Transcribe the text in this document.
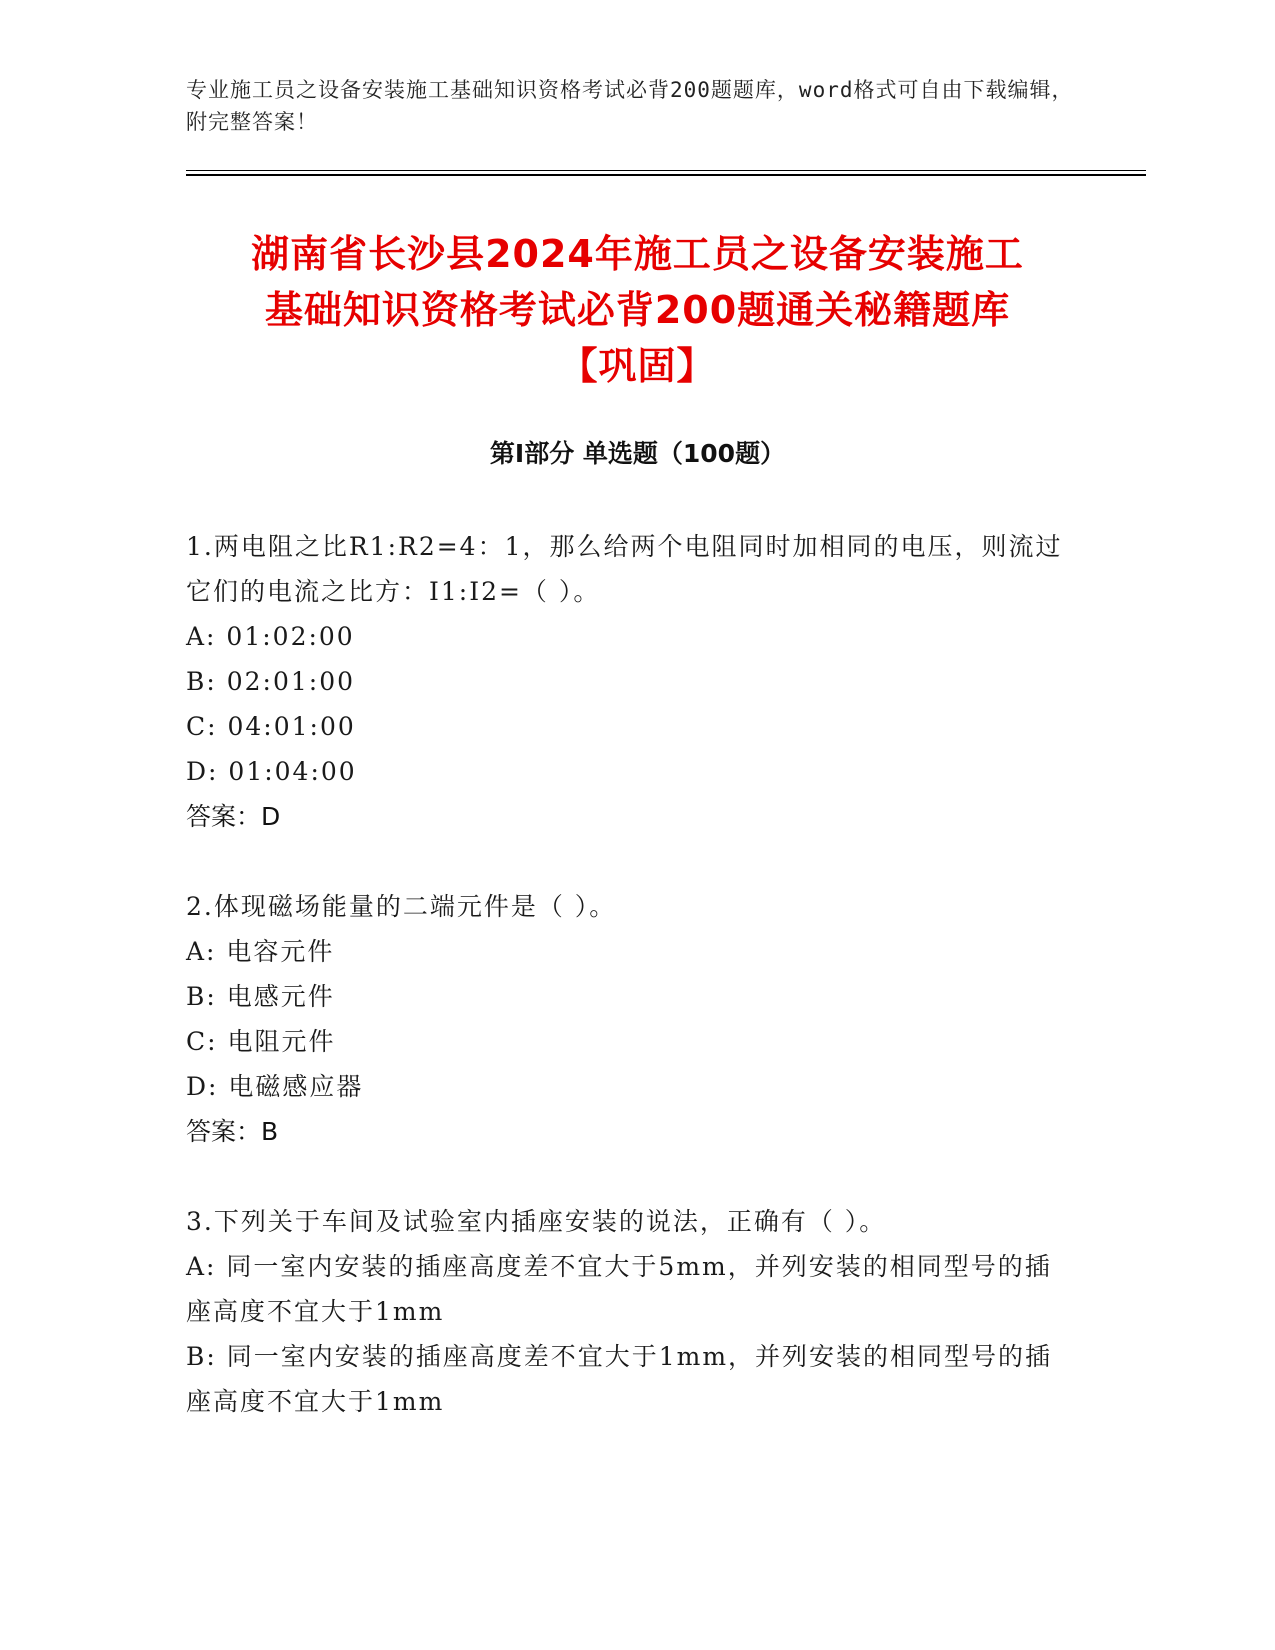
专业施工员之设备安装施工基础知识资格考试必背200题题库，word格式可自由下载编辑，附完整答案！
湖南省长沙县2024年施工员之设备安装施工
基础知识资格考试必背200题通关秘籍题库
【巩固】
第Ⅰ部分 单选题（100题）
1.两电阻之比R1:R2=4：1，那么给两个电阻同时加相同的电压，则流过它们的电流之比方：I1:I2=（ ）。
A: 01:02:00
B: 02:01:00
C: 04:01:00
D: 01:04:00
答案：D
2.体现磁场能量的二端元件是（ ）。
A: 电容元件
B: 电感元件
C: 电阻元件
D: 电磁感应器
答案：B
3.下列关于车间及试验室内插座安装的说法，正确有（ ）。
A: 同一室内安装的插座高度差不宜大于5mm，并列安装的相同型号的插座高度不宜大于1mm
B: 同一室内安装的插座高度差不宜大于1mm，并列安装的相同型号的插座高度不宜大于1mm
